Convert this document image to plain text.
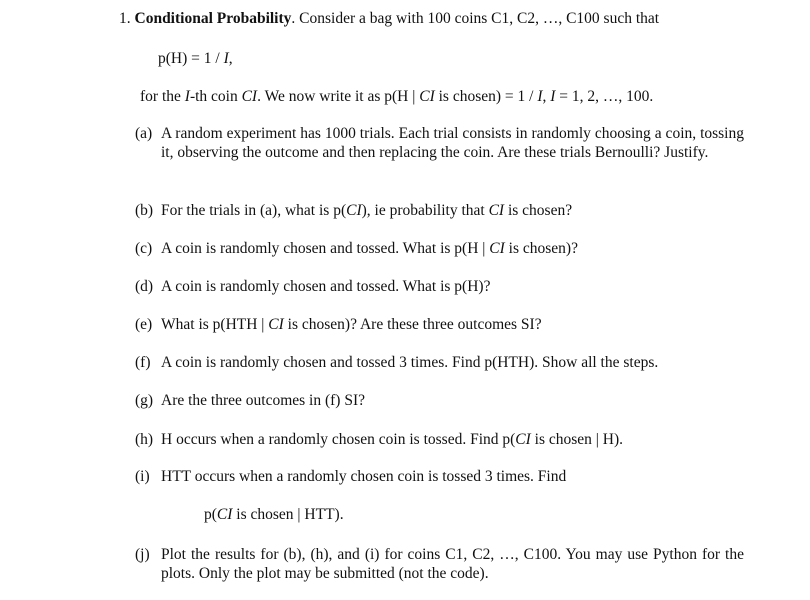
1. Conditional Probability. Consider a bag with 100 coins C1, C2, …, C100 such that
p(H) = 1 / I,
for the I-th coin CI. We now write it as p(H | CI is chosen) = 1 / I, I = 1, 2, …, 100.
(a) A random experiment has 1000 trials. Each trial consists in randomly choosing a coin, tossing it, observing the outcome and then replacing the coin. Are these trials Bernoulli? Justify.
(b) For the trials in (a), what is p(CI), ie probability that CI is chosen?
(c) A coin is randomly chosen and tossed. What is p(H | CI is chosen)?
(d) A coin is randomly chosen and tossed. What is p(H)?
(e) What is p(HTH | CI is chosen)? Are these three outcomes SI?
(f) A coin is randomly chosen and tossed 3 times. Find p(HTH). Show all the steps.
(g) Are the three outcomes in (f) SI?
(h) H occurs when a randomly chosen coin is tossed. Find p(CI is chosen | H).
(i) HTT occurs when a randomly chosen coin is tossed 3 times. Find
p(CI is chosen | HTT).
(j) Plot the results for (b), (h), and (i) for coins C1, C2, …, C100. You may use Python for the plots. Only the plot may be submitted (not the code).
